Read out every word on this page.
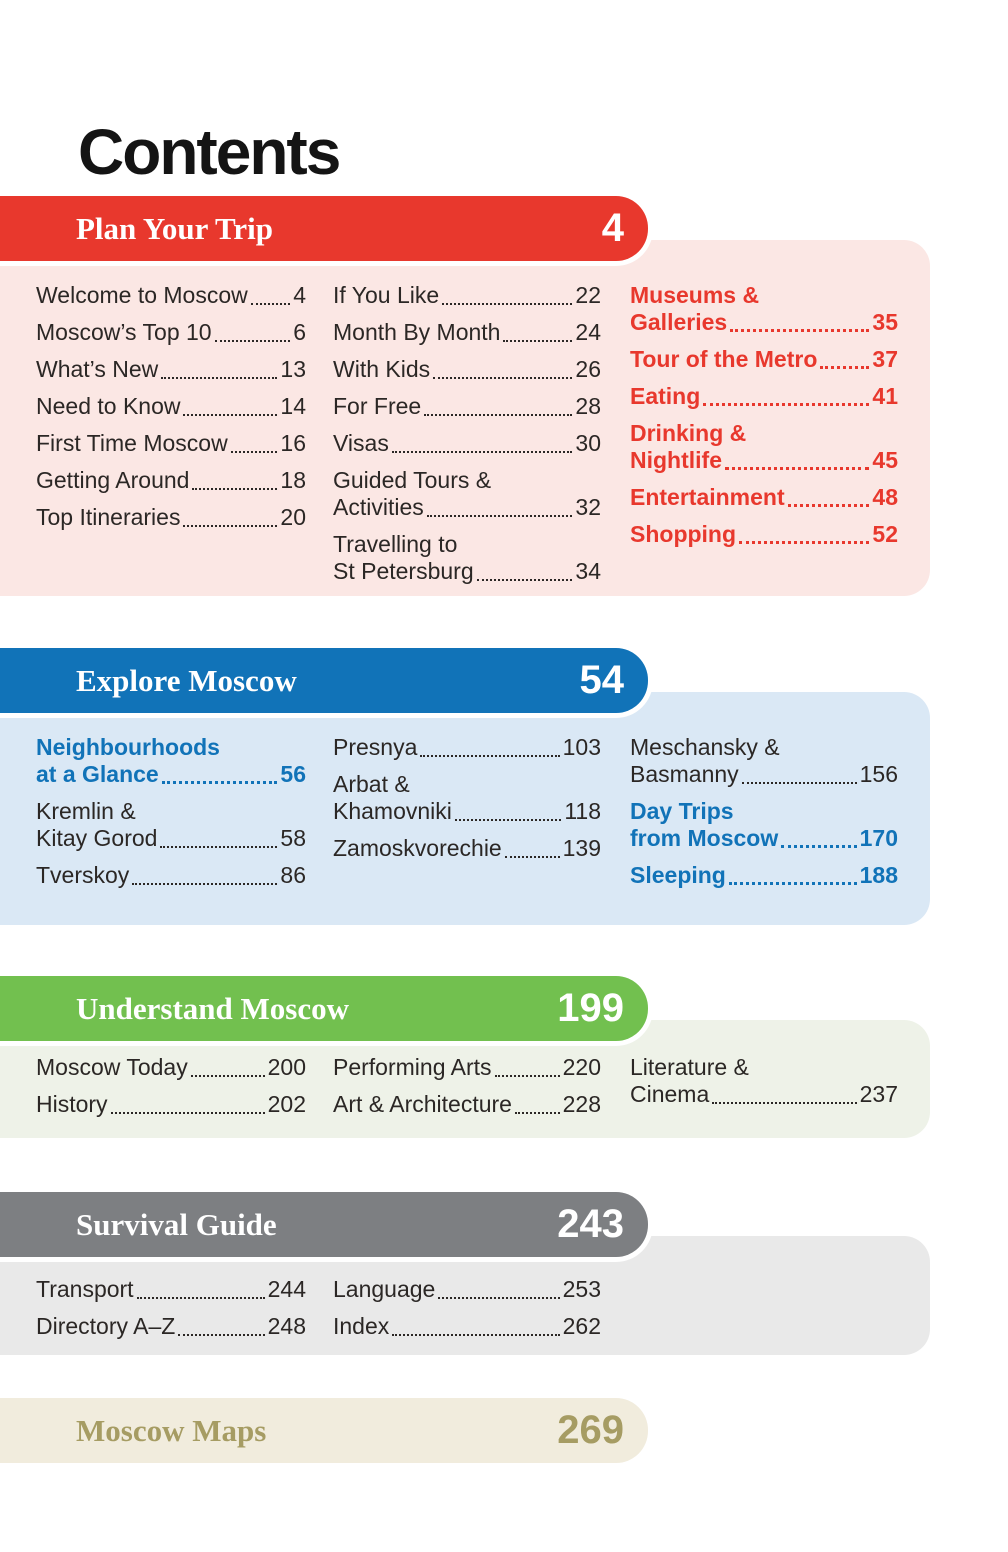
Contents
Plan Your Trip	4
Welcome to Moscow 4
Moscow’s Top 10	6
What’s New	13
Need to Know	14
First Time Moscow 16
Getting Around	18
Top Itineraries	20
If You Like	22
Month By Month	24
With Kids	26
For Free	28
Visas	30
Guided Tours &
Activities	32
Travelling to
St Petersburg	34
Museums &
Galleries	35
Tour of the Metro 37
Eating	41
Drinking &
Nightlife	45
Entertainment	48
Shopping	52
Explore Moscow	54
Neighbourhoods
at a Glance	56
Kremlin &
Kitay Gorod	58
Tverskoy	86
Presnya	103
Arbat &
Khamovniki	118
Zamoskvorechie	139
Meschansky &
Basmanny	156
Day Trips
from Moscow	170
Sleeping	188
Understand Moscow	199
Moscow Today	200
History	202
Performing Arts	220
Art & Architecture 228
Literature &
Cinema	237
Survival Guide	243
Transport	244
Directory A–Z	248
Language	253
Index	262
Moscow Maps	269
